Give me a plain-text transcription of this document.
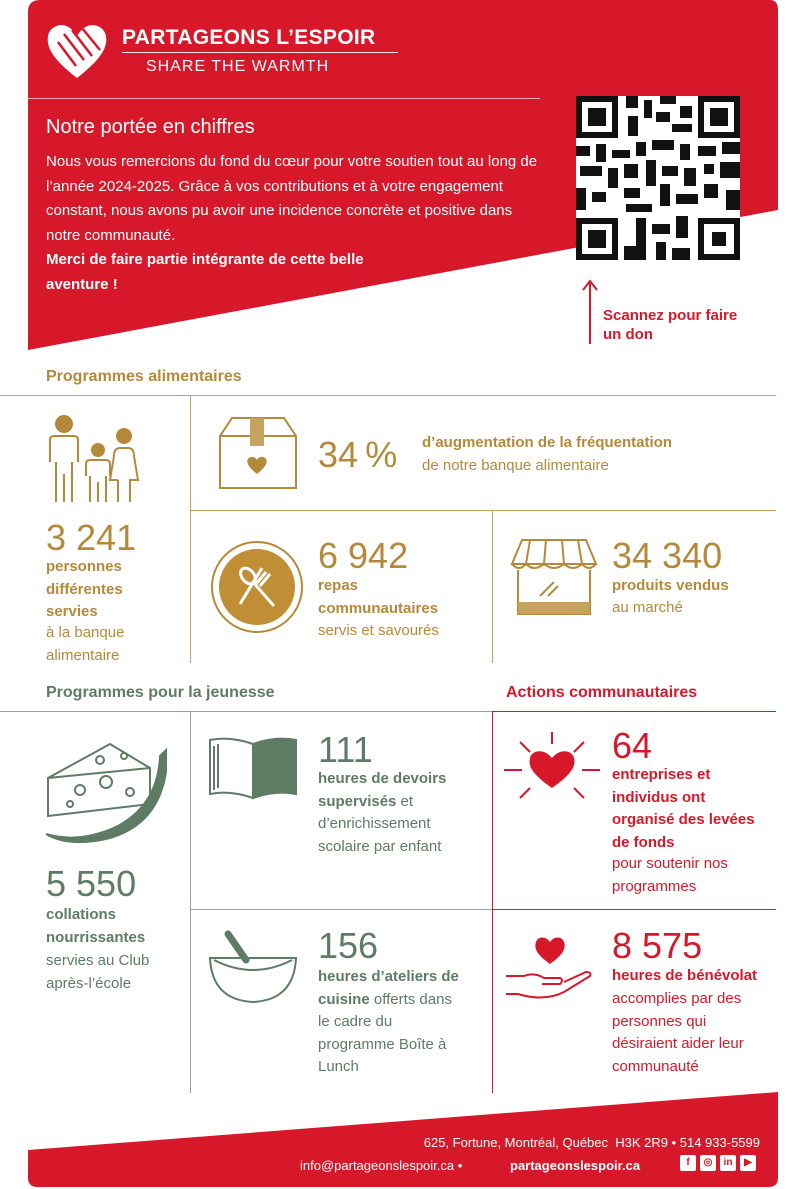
PARTAGEONS L’ESPOIR
SHARE THE WARMTH
Notre portée en chiffres
Nous vous remercions du fond du cœur pour votre soutien tout au long de l’année 2024-2025. Grâce à vos contributions et à votre engagement constant, nous avons pu avoir une incidence concrète et positive dans notre communauté.
Merci de faire partie intégrante de cette belle aventure !
Scannez pour faire un don
Programmes alimentaires
3 241
personnes différentes servies
à la banque alimentaire
34 % d’augmentation de la fréquentation
de notre banque alimentaire
6 942
repas communautaires
servis et savourés
34 340
produits vendus
au marché
Programmes pour la jeunesse	Actions communautaires
5 550
collations nourrissantes
servies au Club après-l’école
111
heures de devoirs supervisés et d’enrichissement scolaire par enfant
156
heures d’ateliers de cuisine offerts dans le cadre du programme Boîte à Lunch
64
entreprises et individus ont organisé des levées de fonds
pour soutenir nos programmes
8 575
heures de bénévolat
accomplies par des personnes qui désiraient aider leur communauté
625, Fortune, Montréal, Québec  H3K 2R9 • 514 933-5599
info@partageonslespoir.ca •	partageonslespoir.ca	f	◎	in	▶
